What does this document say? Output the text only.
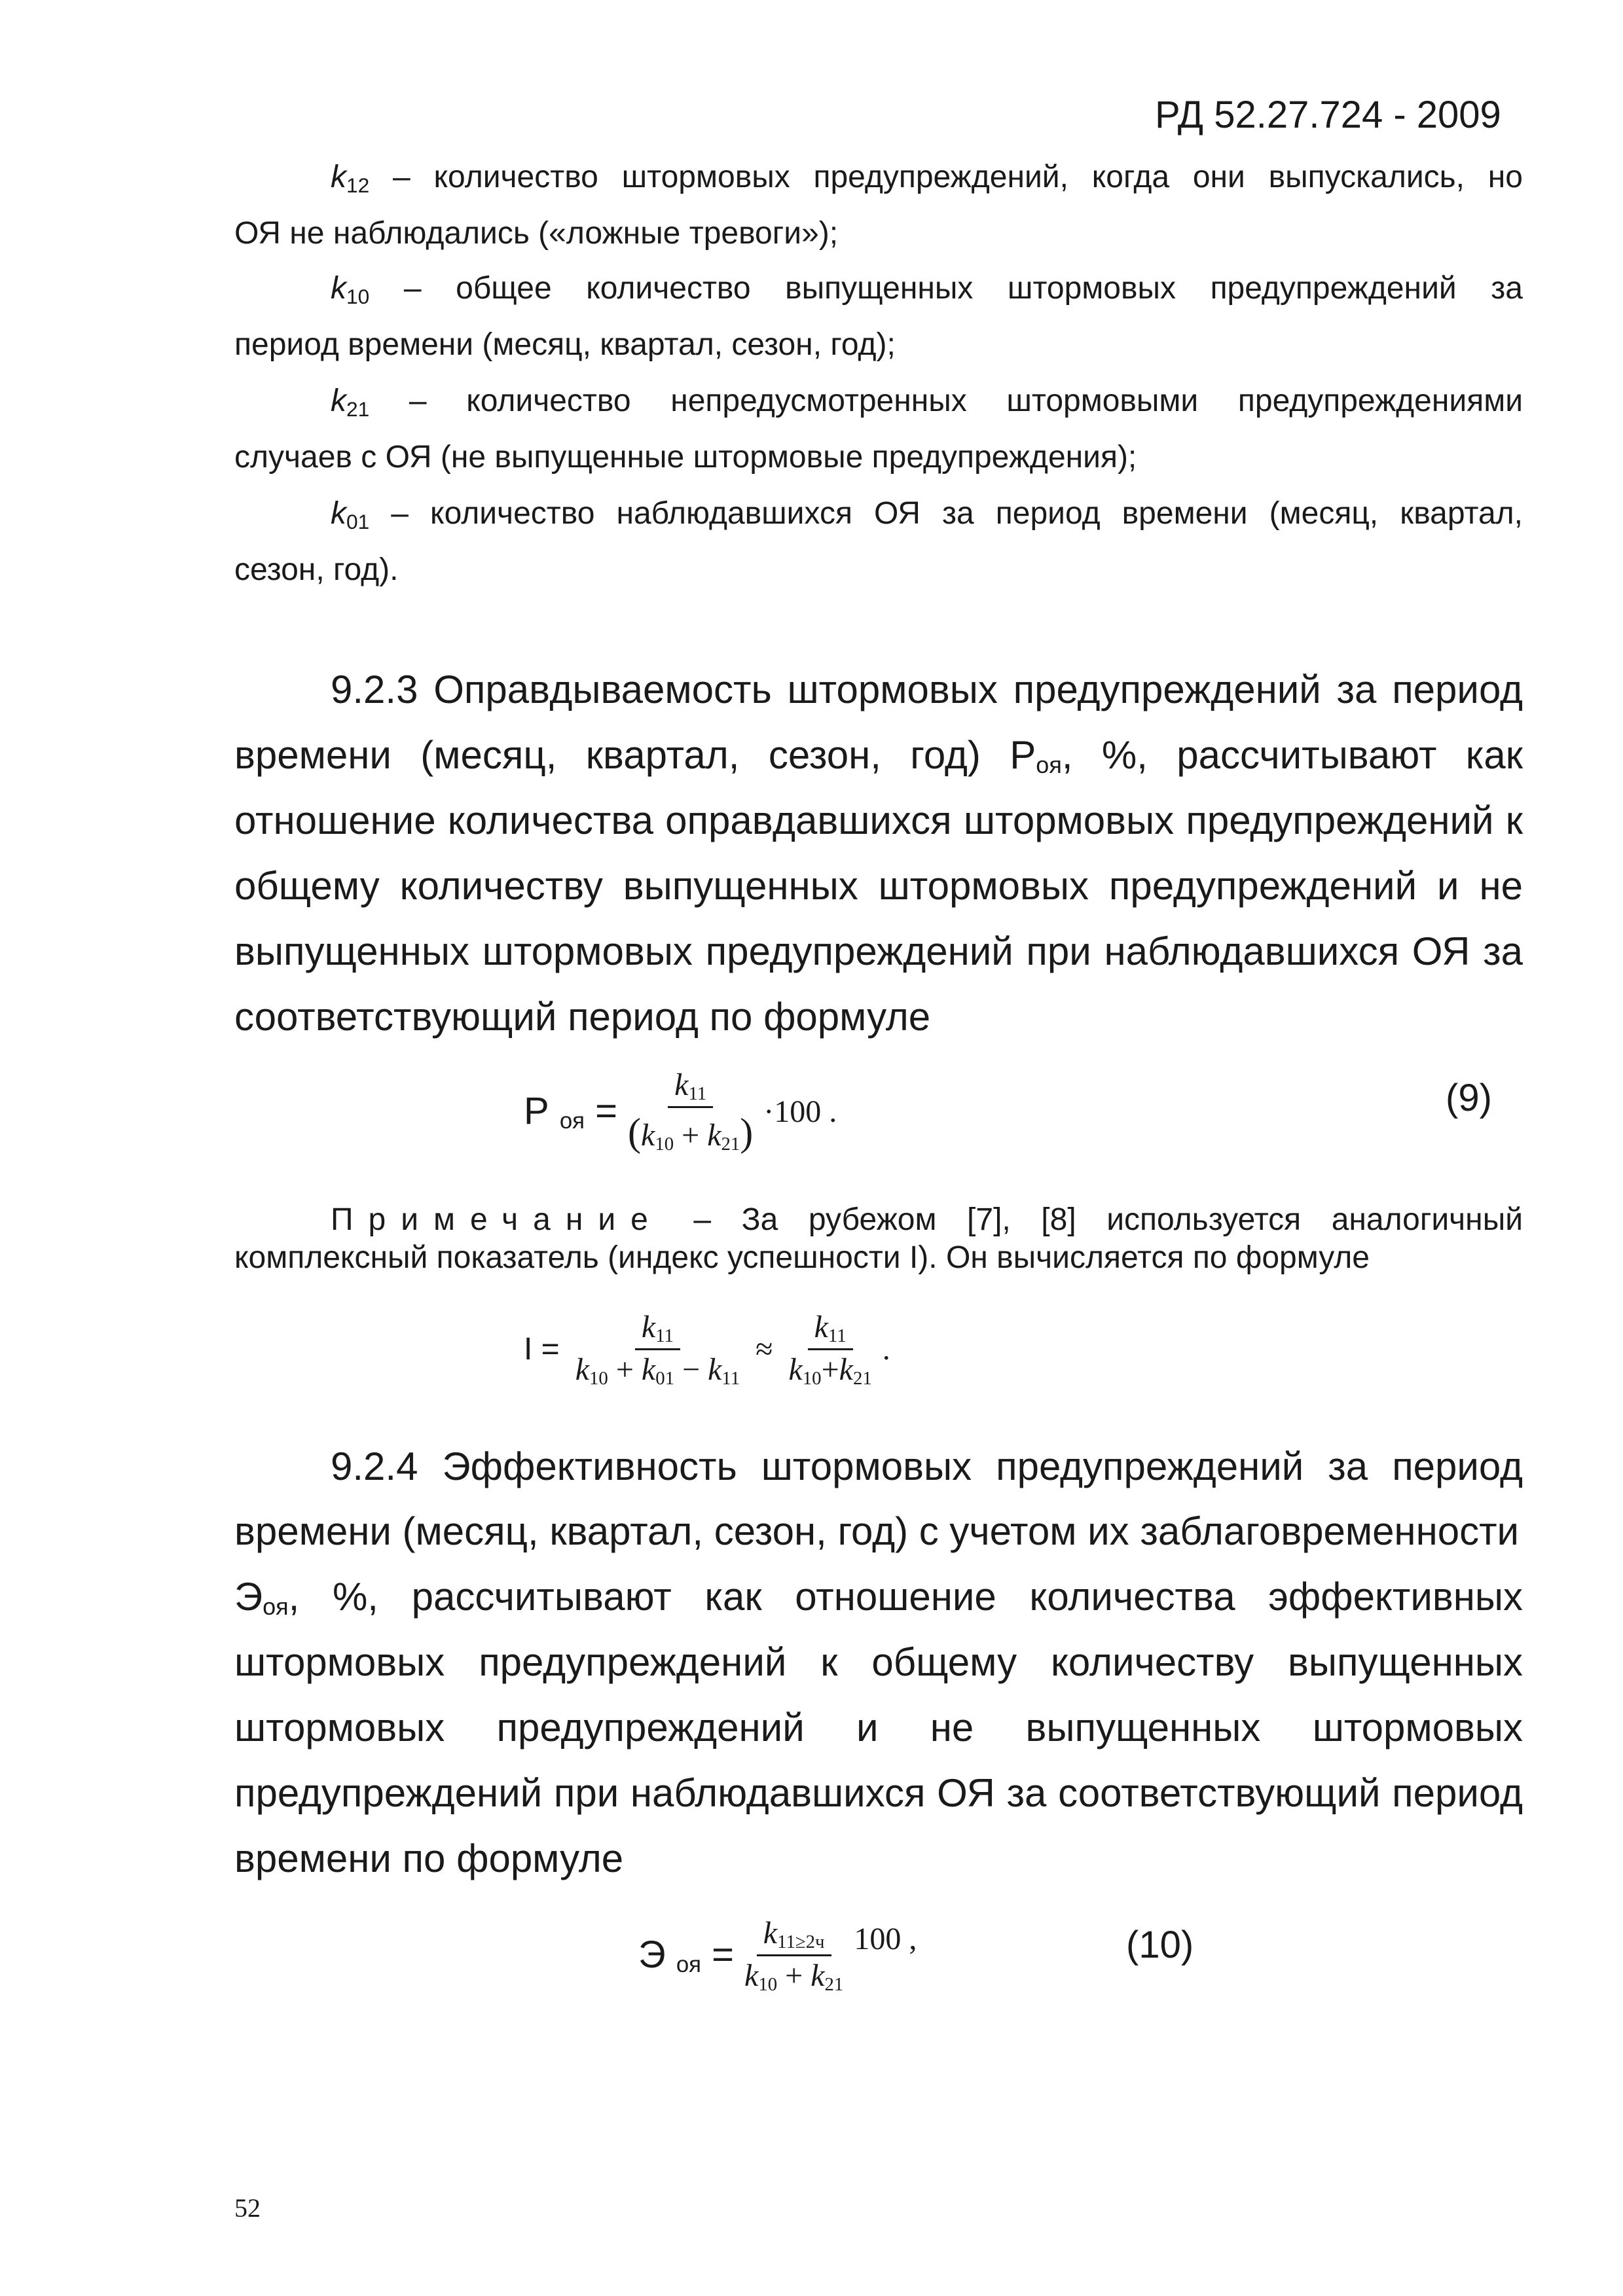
РД 52.27.724 - 2009

$k_{12}$ – количество штормовых предупреждений, когда они выпускались, но

ОЯ не наблюдались («ложные тревоги»);

$k_{10}$ – общее количество выпущенных штормовых предупреждений за

период времени (месяц, квартал, сезон, год);

$k_{21}$ – количество непредусмотренных штормовыми предупреждениями

случаев с ОЯ (не выпущенные штормовые предупреждения);

$k_{01}$ – количество наблюдавшихся ОЯ за период времени (месяц, квартал,

сезон, год).

9.2.3 Оправдываемость штормовых предупреждений за период

времени (месяц, квартал, сезон, год) $Р_{оя}$, %, рассчитывают как

отношение количества оправдавшихся штормовых предупреждений к

общему количеству выпущенных штормовых предупреждений и не

выпущенных штормовых предупреждений при наблюдавшихся ОЯ за

соответствующий период по формуле

Р $_{оя} = \frac{k11}{(k10 + k21)} \cdot 100$ .	(9)

Примечание – За рубежом [7], [8] используется аналогичный

комплексный показатель (индекс успешности I). Он вычисляется по формуле

$I = \frac{k11}{k10 + k01 - k11} \approx \frac{k11}{k10+k21}$ .

9.2.4 Эффективность штормовых предупреждений за период

времени (месяц, квартал, сезон, год) с учетом их заблаговременности

$Э_{оя}$, %, рассчитывают как отношение количества эффективных

штормовых предупреждений к общему количеству выпущенных

штормовых предупреждений и не выпущенных штормовых

предупреждений при наблюдавшихся ОЯ за соответствующий период

времени по формуле

Э $_{оя} = \frac{k11\ge 2ч}{k10 + k21} 100$ ,	(10)

52
